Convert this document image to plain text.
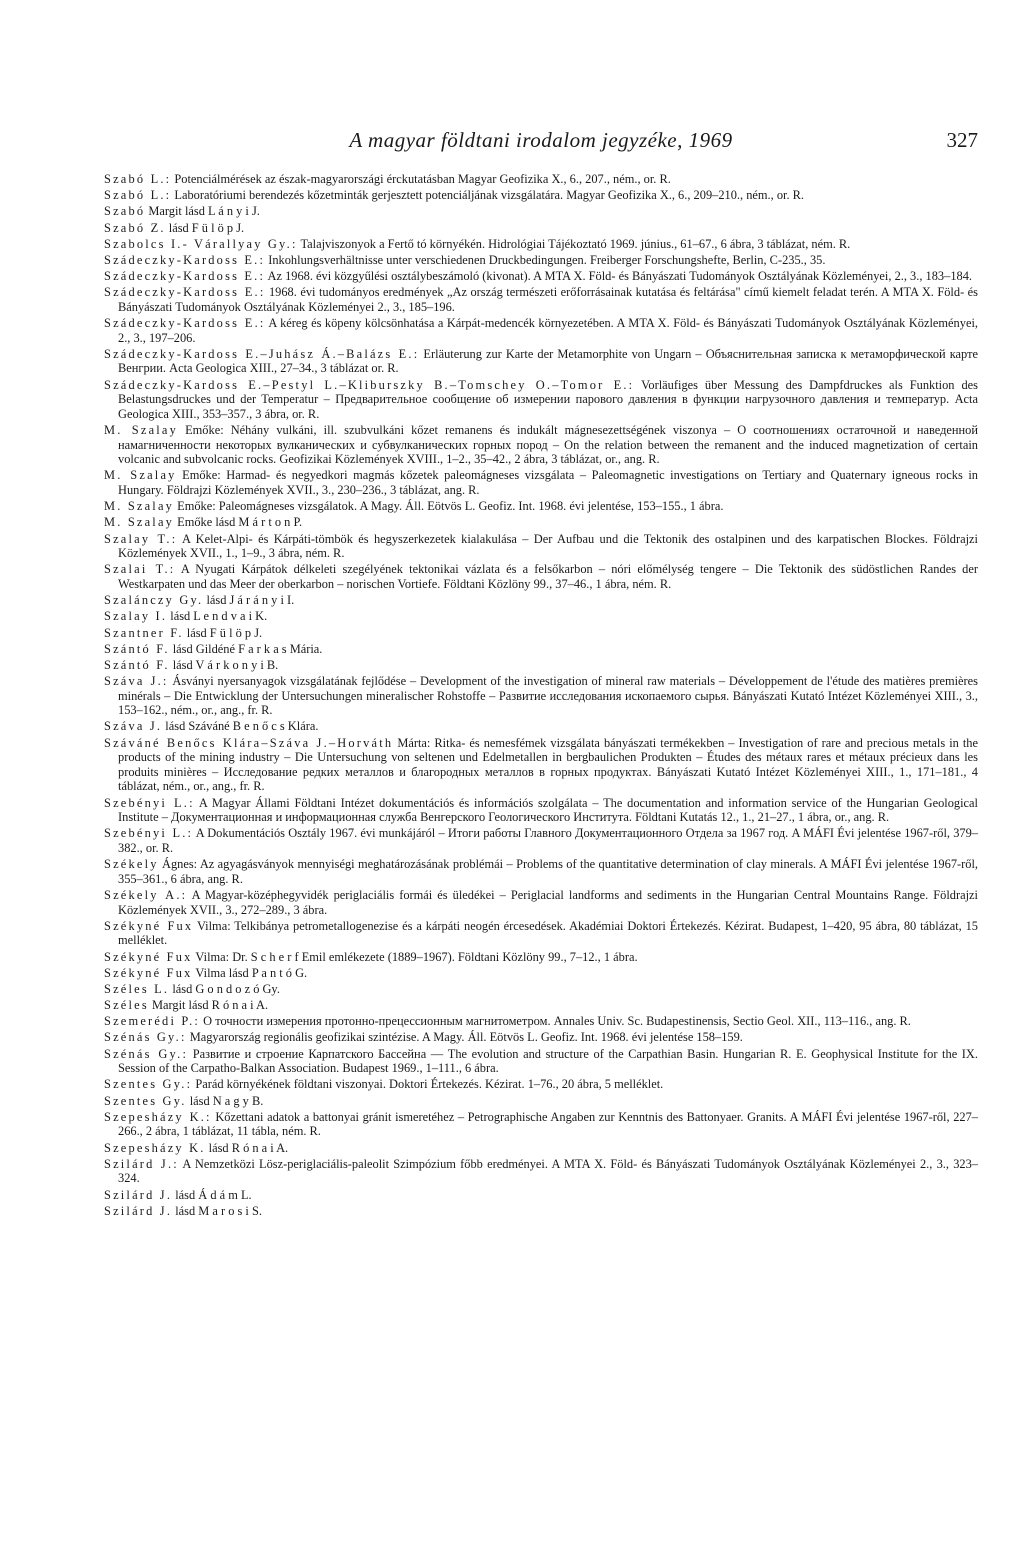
A magyar földtani irodalom jegyzéke, 1969	327

Szabó L.: Potenciálmérések az észak-magyarországi érckutatásban Magyar Geofizika X., 6., 207., ném., or. R.

Szabó L.: Laboratóriumi berendezés kőzetminták gerjesztett potenciáljának vizsgálatára. Magyar Geofizika X., 6., 209–210., ném., or. R.

Szabó Margit lásd L á n y i J.

Szabó Z. lásd F ü l ö p J.

Szabolcs I.- Várallyay Gy.: Talajviszonyok a Fertő tó környékén. Hidrológiai Tájékoztató 1969. június., 61–67., 6 ábra, 3 táblázat, ném. R.

Szádeczky-Kardoss E.: Inkohlungsverhältnisse unter verschiedenen Druckbedingungen. Freiberger Forschungshefte, Berlin, C-235., 35.

Szádeczky-Kardoss E.: Az 1968. évi közgyűlési osztálybeszámoló (kivonat). A MTA X. Föld- és Bányászati Tudományok Osztályának Közleményei, 2., 3., 183–184.

Szádeczky-Kardoss E.: 1968. évi tudományos eredmények „Az ország természeti erőforrásainak kutatása és feltárása" című kiemelt feladat terén. A MTA X. Föld- és Bányászati Tudományok Osztályának Közleményei 2., 3., 185–196.

Szádeczky-Kardoss E.: A kéreg és köpeny kölcsönhatása a Kárpát-medencék környezetében. A MTA X. Föld- és Bányászati Tudományok Osztályának Közleményei, 2., 3., 197–206.

Szádeczky-Kardoss E.–Juhász Á.–Balázs E.: Erläuterung zur Karte der Metamorphite von Ungarn – Объяснительная записка к метаморфической карте Венгрии. Acta Geologica XIII., 27–34., 3 táblázat or. R.

Szádeczky-Kardoss E.–Pestyl L.–Kliburszky B.–Tomschey O.–Tomor E.: Vorläufiges über Messung des Dampfdruckes als Funktion des Belastungsdruckes und der Temperatur – Предварительное сообщение об измерении парового давления в функции нагрузочного давления и температур. Acta Geologica XIII., 353–357., 3 ábra, or. R.

M. Szalay Emőke: Néhány vulkáni, ill. szubvulkáni kőzet remanens és indukált mágnesezettségének viszonya – О соотношениях остаточной и наведенной намагниченности некоторых вулканических и субвулканических горных пород – On the relation between the remanent and the induced magnetization of certain volcanic and subvolcanic rocks. Geofizikai Közlemények XVIII., 1–2., 35–42., 2 ábra, 3 táblázat, or., ang. R.

M. Szalay Emőke: Harmad- és negyedkori magmás kőzetek paleomágneses vizsgálata – Paleomagnetic investigations on Tertiary and Quaternary igneous rocks in Hungary. Földrajzi Közlemények XVII., 3., 230–236., 3 táblázat, ang. R.

M. Szalay Emőke: Paleomágneses vizsgálatok. A Magy. Áll. Eötvös L. Geofiz. Int. 1968. évi jelentése, 153–155., 1 ábra.

M. Szalay Emőke lásd M á r t o n P.

Szalay T.: A Kelet-Alpi- és Kárpáti-tömbök és hegyszerkezetek kialakulása – Der Aufbau und die Tektonik des ostalpinen und des karpatischen Blockes. Földrajzi Közlemények XVII., 1., 1–9., 3 ábra, ném. R.

Szalai T.: A Nyugati Kárpátok délkeleti szegélyének tektonikai vázlata és a felsőkarbon – nóri előmélység tengere – Die Tektonik des südöstlichen Randes der Westkarpaten und das Meer der oberkarbon – norischen Vortiefe. Földtani Közlöny 99., 37–46., 1 ábra, ném. R.

Szalánczy Gy. lásd J á r á n y i I.

Szalay I. lásd L e n d v a i K.

Szantner F. lásd F ü l ö p J.

Szántó F. lásd Gildéné F a r k a s Mária.

Szántó F. lásd V á r k o n y i B.

Száva J.: Ásványi nyersanyagok vizsgálatának fejlődése – Development of the investigation of mineral raw materials – Développement de l'étude des matières premières minérals – Die Entwicklung der Untersuchungen mineralischer Rohstoffe – Развитие исследования ископаемого сырья. Bányászati Kutató Intézet Közleményei XIII., 3., 153–162., ném., or., ang., fr. R.

Száva J. lásd Száváné B e n ő c s Klára.

Száváné Benőcs Klára–Száva J.–Horváth Márta: Ritka- és nemesfémek vizsgálata bányászati termékekben – Investigation of rare and precious metals in the products of the mining industry – Die Untersuchung von seltenen und Edelmetallen in bergbaulichen Produkten – Études des métaux rares et métaux précieux dans les produits minières – Исследование редких металлов и благородных металлов в горных продуктах. Bányászati Kutató Intézet Közleményei XIII., 1., 171–181., 4 táblázat, ném., or., ang., fr. R.

Szebényi L.: A Magyar Állami Földtani Intézet dokumentációs és információs szolgálata – The documentation and information service of the Hungarian Geological Institute – Документационная и информационная служба Венгерского Геологического Института. Földtani Kutatás 12., 1., 21–27., 1 ábra, or., ang. R.

Szebényi L.: A Dokumentációs Osztály 1967. évi munkájáról – Итоги работы Главного Документационного Отдела за 1967 год. A MÁFI Évi jelentése 1967-ről, 379–382., or. R.

Székely Ágnes: Az agyagásványok mennyiségi meghatározásának problémái – Problems of the quantitative determination of clay minerals. A MÁFI Évi jelentése 1967-ről, 355–361., 6 ábra, ang. R.

Székely A.: A Magyar-középhegyvidék periglaciális formái és üledékei – Periglacial landforms and sediments in the Hungarian Central Mountains Range. Földrajzi Közlemények XVII., 3., 272–289., 3 ábra.

Székyné Fux Vilma: Telkibánya petrometallogenezise és a kárpáti neogén ércesedések. Akadémiai Doktori Értekezés. Kézirat. Budapest, 1–420, 95 ábra, 80 táblázat, 15 melléklet.

Székyné Fux Vilma: Dr. S c h e r f Emil emlékezete (1889–1967). Földtani Közlöny 99., 7–12., 1 ábra.

Székyné Fux Vilma lásd P a n t ó G.

Széles L. lásd G o n d o z ó Gy.

Széles Margit lásd R ó n a i A.

Szemerédi P.: О точности измерения протонно-прецессионным магнитометром. Annales Univ. Sc. Budapestinensis, Sectio Geol. XII., 113–116., ang. R.

Szénás Gy.: Magyarország regionális geofizikai szintézise. A Magy. Áll. Eötvös L. Geofiz. Int. 1968. évi jelentése 158–159.

Szénás Gy.: Развитие и строение Карпатского Бассейна — The evolution and structure of the Carpathian Basin. Hungarian R. E. Geophysical Institute for the IX. Session of the Carpatho-Balkan Association. Budapest 1969., 1–111., 6 ábra.

Szentes Gy.: Parád környékének földtani viszonyai. Doktori Értekezés. Kézirat. 1–76., 20 ábra, 5 melléklet.

Szentes Gy. lásd N a g y B.

Szepesházy K.: Kőzettani adatok a battonyai gránit ismeretéhez – Petrographische Angaben zur Kenntnis des Battonyaer. Granits. A MÁFI Évi jelentése 1967-ről, 227–266., 2 ábra, 1 táblázat, 11 tábla, ném. R.

Szepesházy K. lásd R ó n a i A.

Szilárd J.: A Nemzetközi Lösz-periglaciális-paleolit Szimpózium főbb eredményei. A MTA X. Föld- és Bányászati Tudományok Osztályának Közleményei 2., 3., 323–324.

Szilárd J. lásd Á d á m L.

Szilárd J. lásd M a r o s i S.
